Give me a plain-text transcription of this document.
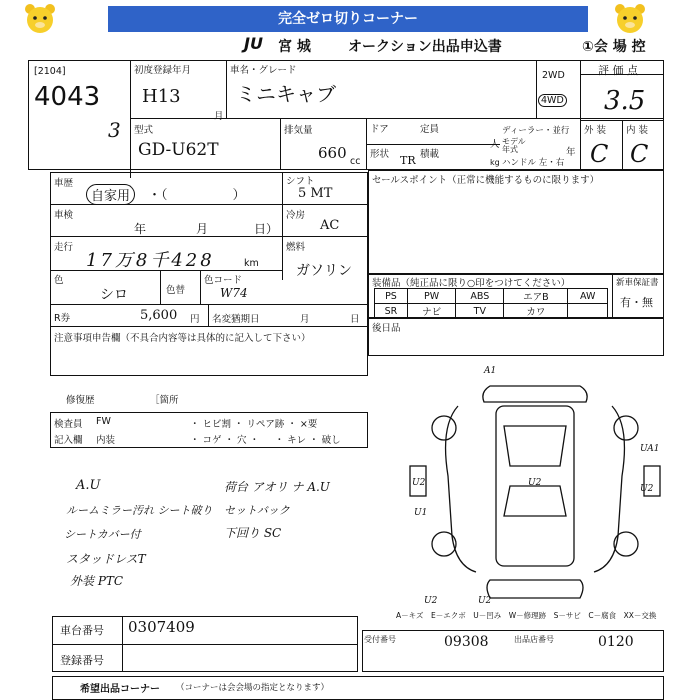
完全ゼロ切りコーナー
JU 宮 城	オークション出品申込書	①会 場 控
[2104]
4043
3
初度登録年月
H13
月
車名・グレード
ミニキャブ
2WD
4WD
評 価 点
3.5
型式
GD-U62T
排気量
660 cc
ドア	定員
人
ディーラー・並行
モデル
年式	年
形状 TR 積載
kg ハンドル 左・右
外 装 内 装
C C
車歴
自家用	・（　　　　　）
シフト
5 MT
車検
年	月	日）
冷房
AC
走行
17万8千428	km
燃料
ガソリン
色
シロ	色替
色コード
W74
R券	5,600 円 名変猶期日	月	日
注意事項申告欄（不具合内容等は具体的に記入して下さい）
修復歴	［箇所
セールスポイント（正常に機能するものに限ります）
装備品（純正品に限り○印をつけてください）
PS	PW	ABS	エアB	AW
SR	ナビ	TV	カワ	
新車保証書
有・無
後日品
検査員
記入欄
FW	・ ヒビ割 ・ リペア跡 ・ ×要
内装	・ コゲ ・ 穴 ・ 　 ・ キレ ・ 破し
A.U
ルームミラー汚れ シート破り
シートカバー付
スタッドレスT
外装 PTC
荷台 アオリ ナ A.U
セットバック
下回り SC
A1
UA1
U2
U2
U1
U2
U2	U2
A－キズ　E－エクボ　U－凹み　W－修理跡　S－サビ　C－腐食　XX－交換
車台番号 0307409
登録番号
受付番号	09308	出品店番号	0120
希望出品コーナー （コーナーは会会場の指定となります）
